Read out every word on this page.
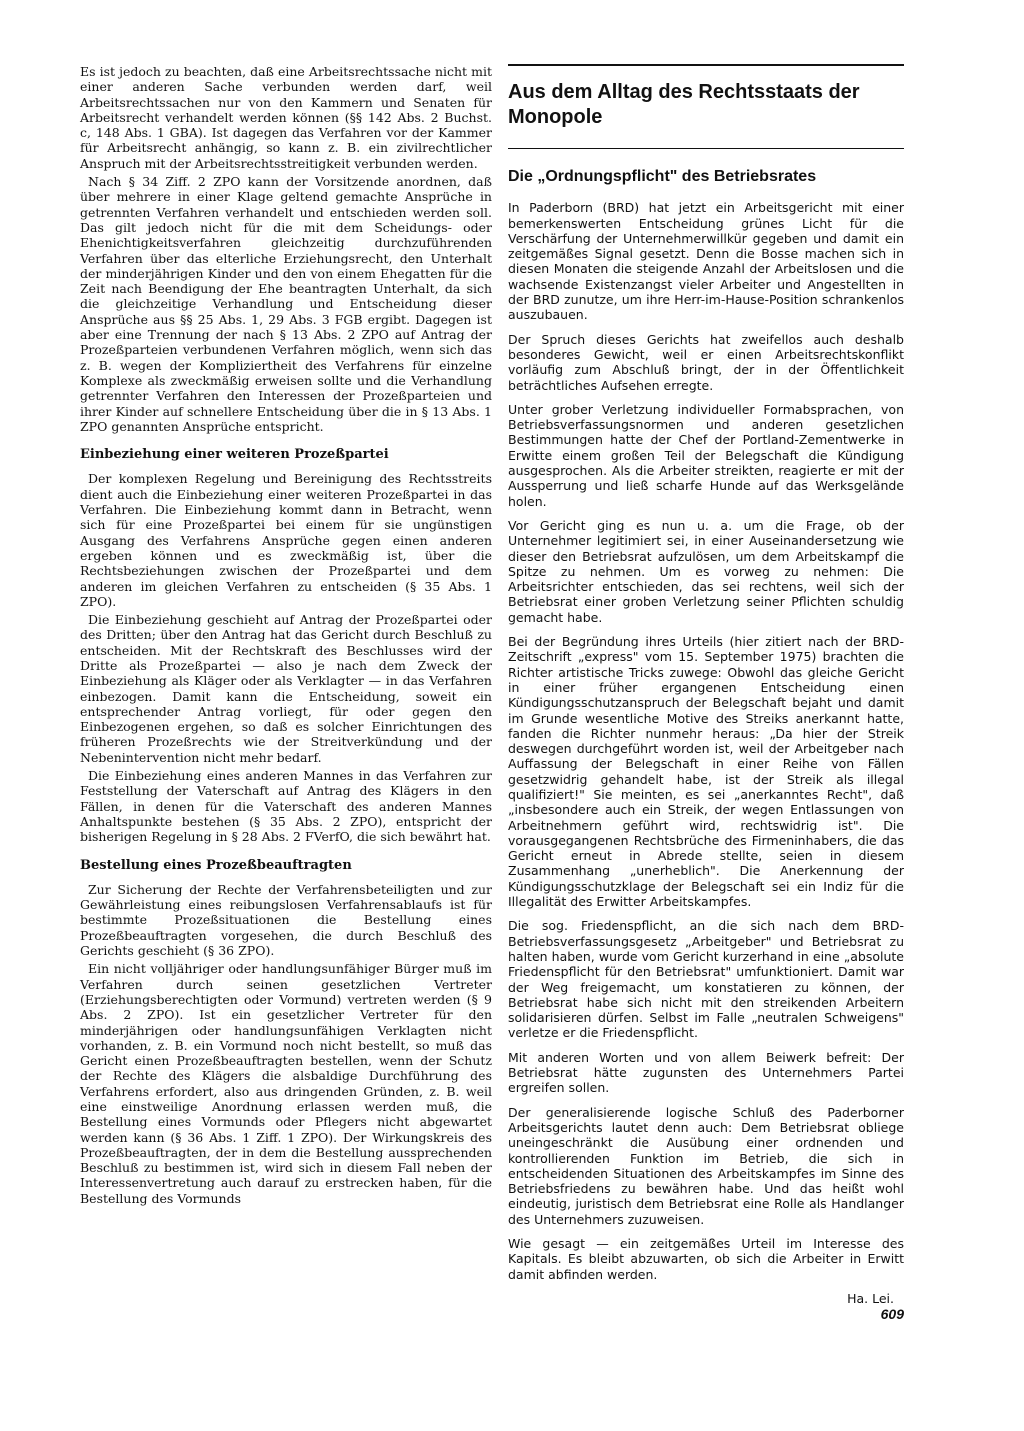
Es ist jedoch zu beachten, daß eine Arbeitsrechtssache nicht mit einer anderen Sache verbunden werden darf, weil Arbeitsrechtssachen nur von den Kammern und Senaten für Arbeitsrecht verhandelt werden können (§§ 142 Abs. 2 Buchst. c, 148 Abs. 1 GBA). Ist dagegen das Verfahren vor der Kammer für Arbeitsrecht anhängig, so kann z. B. ein zivilrechtlicher Anspruch mit der Arbeitsrechtsstreitigkeit verbunden werden.

Nach § 34 Ziff. 2 ZPO kann der Vorsitzende anordnen, daß über mehrere in einer Klage geltend gemachte Ansprüche in getrennten Verfahren verhandelt und entschieden werden soll. Das gilt jedoch nicht für die mit dem Scheidungs- oder Ehenichtigkeitsverfahren gleichzeitig durchzuführenden Verfahren über das elterliche Erziehungsrecht, den Unterhalt der minderjährigen Kinder und den von einem Ehegatten für die Zeit nach Beendigung der Ehe beantragten Unterhalt, da sich die gleichzeitige Verhandlung und Entscheidung dieser Ansprüche aus §§ 25 Abs. 1, 29 Abs. 3 FGB ergibt. Dagegen ist aber eine Trennung der nach § 13 Abs. 2 ZPO auf Antrag der Prozeßparteien verbundenen Verfahren möglich, wenn sich das z. B. wegen der Kompliziertheit des Verfahrens für einzelne Komplexe als zweckmäßig erweisen sollte und die Verhandlung getrennter Verfahren den Interessen der Prozeßparteien und ihrer Kinder auf schnellere Entscheidung über die in § 13 Abs. 1 ZPO genannten Ansprüche entspricht.

Einbeziehung einer weiteren Prozeßpartei

Der komplexen Regelung und Bereinigung des Rechtsstreits dient auch die Einbeziehung einer weiteren Prozeßpartei in das Verfahren. Die Einbeziehung kommt dann in Betracht, wenn sich für eine Prozeßpartei bei einem für sie ungünstigen Ausgang des Verfahrens Ansprüche gegen einen anderen ergeben können und es zweckmäßig ist, über die Rechtsbeziehungen zwischen der Prozeßpartei und dem anderen im gleichen Verfahren zu entscheiden (§ 35 Abs. 1 ZPO).

Die Einbeziehung geschieht auf Antrag der Prozeßpartei oder des Dritten; über den Antrag hat das Gericht durch Beschluß zu entscheiden. Mit der Rechtskraft des Beschlusses wird der Dritte als Prozeßpartei — also je nach dem Zweck der Einbeziehung als Kläger oder als Verklagter — in das Verfahren einbezogen. Damit kann die Entscheidung, soweit ein entsprechender Antrag vorliegt, für oder gegen den Einbezogenen ergehen, so daß es solcher Einrichtungen des früheren Prozeßrechts wie der Streitverkündung und der Nebenintervention nicht mehr bedarf.

Die Einbeziehung eines anderen Mannes in das Verfahren zur Feststellung der Vaterschaft auf Antrag des Klägers in den Fällen, in denen für die Vaterschaft des anderen Mannes Anhaltspunkte bestehen (§ 35 Abs. 2 ZPO), entspricht der bisherigen Regelung in § 28 Abs. 2 FVerfO, die sich bewährt hat.

Bestellung eines Prozeßbeauftragten

Zur Sicherung der Rechte der Verfahrensbeteiligten und zur Gewährleistung eines reibungslosen Verfahrensablaufs ist für bestimmte Prozeßsituationen die Bestellung eines Prozeßbeauftragten vorgesehen, die durch Beschluß des Gerichts geschieht (§ 36 ZPO).

Ein nicht volljähriger oder handlungsunfähiger Bürger muß im Verfahren durch seinen gesetzlichen Vertreter (Erziehungsberechtigten oder Vormund) vertreten werden (§ 9 Abs. 2 ZPO). Ist ein gesetzlicher Vertreter für den minderjährigen oder handlungsunfähigen Verklagten nicht vorhanden, z. B. ein Vormund noch nicht bestellt, so muß das Gericht einen Prozeßbeauftragten bestellen, wenn der Schutz der Rechte des Klägers die alsbaldige Durchführung des Verfahrens erfordert, also aus dringenden Gründen, z. B. weil eine einstweilige Anordnung erlassen werden muß, die Bestellung eines Vormunds oder Pflegers nicht abgewartet werden kann (§ 36 Abs. 1 Ziff. 1 ZPO). Der Wirkungskreis des Prozeßbeauftragten, der in dem die Bestellung aussprechenden Beschluß zu bestimmen ist, wird sich in diesem Fall neben der Interessenvertretung auch darauf zu erstrecken haben, für die Bestellung des Vormunds

Aus dem Alltag des Rechtsstaats der Monopole
Die „Ordnungspflicht" des Betriebsrates

In Paderborn (BRD) hat jetzt ein Arbeitsgericht mit einer bemerkenswerten Entscheidung grünes Licht für die Verschärfung der Unternehmerwillkür gegeben und damit ein zeitgemäßes Signal gesetzt. Denn die Bosse machen sich in diesen Monaten die steigende Anzahl der Arbeitslosen und die wachsende Existenzangst vieler Arbeiter und Angestellten in der BRD zunutze, um ihre Herr-im-Hause-Position schrankenlos auszubauen.

Der Spruch dieses Gerichts hat zweifellos auch deshalb besonderes Gewicht, weil er einen Arbeitsrechtskonflikt vorläufig zum Abschluß bringt, der in der Öffentlichkeit beträchtliches Aufsehen erregte.

Unter grober Verletzung individueller Formabsprachen, von Betriebsverfassungsnormen und anderen gesetzlichen Bestimmungen hatte der Chef der Portland-Zementwerke in Erwitte einem großen Teil der Belegschaft die Kündigung ausgesprochen. Als die Arbeiter streikten, reagierte er mit der Aussperrung und ließ scharfe Hunde auf das Werksgelände holen.

Vor Gericht ging es nun u. a. um die Frage, ob der Unternehmer legitimiert sei, in einer Auseinandersetzung wie dieser den Betriebsrat aufzulösen, um dem Arbeitskampf die Spitze zu nehmen. Um es vorweg zu nehmen: Die Arbeitsrichter entschieden, das sei rechtens, weil sich der Betriebsrat einer groben Verletzung seiner Pflichten schuldig gemacht habe.

Bei der Begründung ihres Urteils (hier zitiert nach der BRD-Zeitschrift „express" vom 15. September 1975) brachten die Richter artistische Tricks zuwege: Obwohl das gleiche Gericht in einer früher ergangenen Entscheidung einen Kündigungsschutzanspruch der Belegschaft bejaht und damit im Grunde wesentliche Motive des Streiks anerkannt hatte, fanden die Richter nunmehr heraus: „Da hier der Streik deswegen durchgeführt worden ist, weil der Arbeitgeber nach Auffassung der Belegschaft in einer Reihe von Fällen gesetzwidrig gehandelt habe, ist der Streik als illegal qualifiziert!" Sie meinten, es sei „anerkanntes Recht", daß „insbesondere auch ein Streik, der wegen Entlassungen von Arbeitnehmern geführt wird, rechtswidrig ist". Die vorausgegangenen Rechtsbrüche des Firmeninhabers, die das Gericht erneut in Abrede stellte, seien in diesem Zusammenhang „unerheblich". Die Anerkennung der Kündigungsschutzklage der Belegschaft sei ein Indiz für die Illegalität des Erwitter Arbeitskampfes.

Die sog. Friedenspflicht, an die sich nach dem BRD-Betriebsverfassungsgesetz „Arbeitgeber" und Betriebsrat zu halten haben, wurde vom Gericht kurzerhand in eine „absolute Friedenspflicht für den Betriebsrat" umfunktioniert. Damit war der Weg freigemacht, um konstatieren zu können, der Betriebsrat habe sich nicht mit den streikenden Arbeitern solidarisieren dürfen. Selbst im Falle „neutralen Schweigens" verletze er die Friedenspflicht.

Mit anderen Worten und von allem Beiwerk befreit: Der Betriebsrat hätte zugunsten des Unternehmers Partei ergreifen sollen.

Der generalisierende logische Schluß des Paderborner Arbeitsgerichts lautet denn auch: Dem Betriebsrat obliege uneingeschränkt die Ausübung einer ordnenden und kontrollierenden Funktion im Betrieb, die sich in entscheidenden Situationen des Arbeitskampfes im Sinne des Betriebsfriedens zu bewähren habe. Und das heißt wohl eindeutig, juristisch dem Betriebsrat eine Rolle als Handlanger des Unternehmers zuzuweisen.

Wie gesagt — ein zeitgemäßes Urteil im Interesse des Kapitals. Es bleibt abzuwarten, ob sich die Arbeiter in Erwitt damit abfinden werden.

Ha. Lei.
609
